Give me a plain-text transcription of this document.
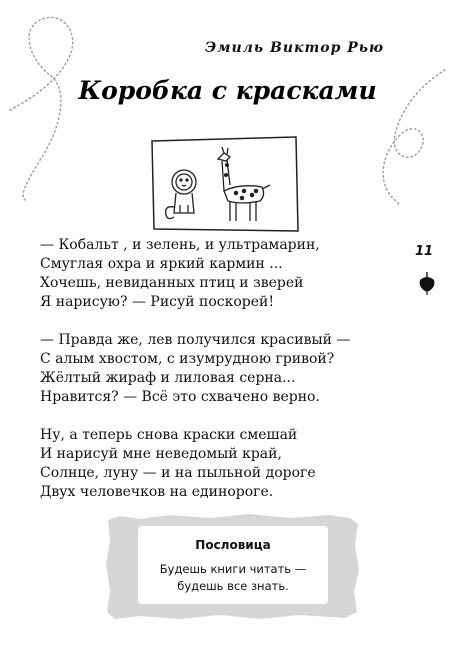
Эмиль Виктор Рью
Коробка с красками
11
— Кобальт , и зелень, и ультрамарин,
Смуглая охра и яркий кармин ...
Хочешь, невиданных птиц и зверей
Я нарисую? — Рисуй поскорей!
— Правда же, лев получился красивый —
С алым хвостом, с изумрудною гривой?
Жёлтый жираф и лиловая серна...
Нравится? — Всё это схвачено верно.
Ну, а теперь снова краски смешай
И нарисуй мне неведомый край,
Солнце, луну — и на пыльной дороге
Двух человечков на единороге.
Пословица
Будешь книги читать —
будешь все знать.
